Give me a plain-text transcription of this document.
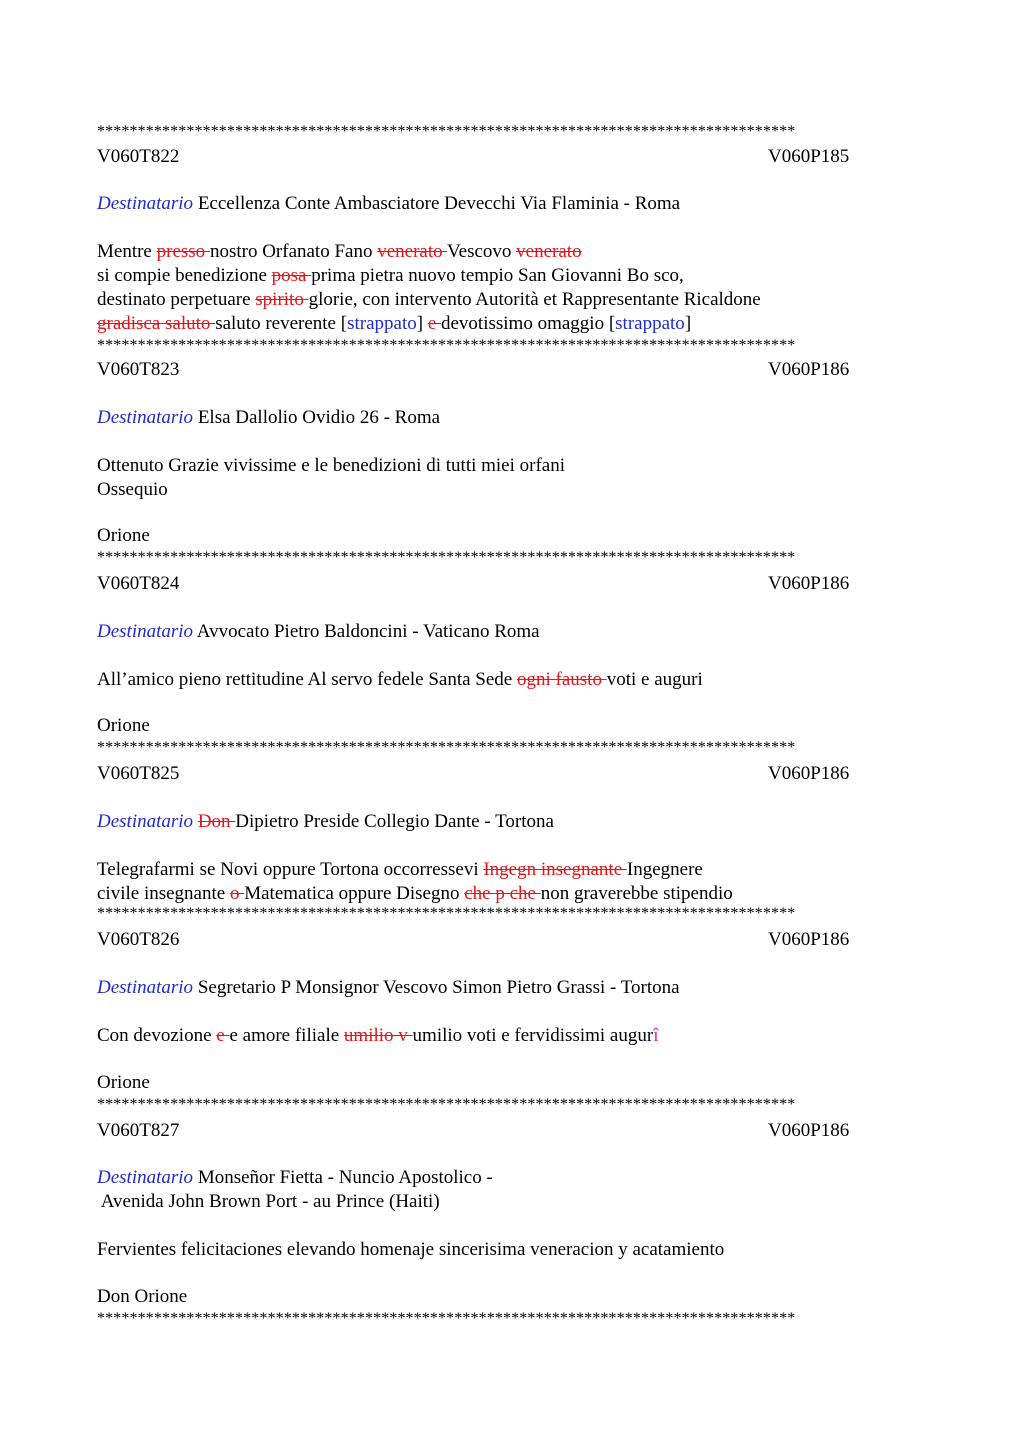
**************************************************************************************
**************************************************************************************
**************************************************************************************
**************************************************************************************
**************************************************************************************
**************************************************************************************
**************************************************************************************
V060T822	V060P185
Destinatario Eccellenza Conte Ambasciatore Devecchi Via Flaminia - Roma
Mentre presso nostro Orfanato Fano venerato Vescovo venerato
si compie benedizione posa prima pietra nuovo tempio San Giovanni Bo sco,
destinato perpetuare spirito glorie, con intervento Autorità et Rappresentante Ricaldone
gradisca saluto saluto reverente [strappato] e devotissimo omaggio [strappato]
V060T823	V060P186
Destinatario Elsa Dallolio Ovidio 26 - Roma
Ottenuto Grazie vivissime e le benedizioni di tutti miei orfani
Ossequio
Orione
V060T824	V060P186
Destinatario Avvocato Pietro Baldoncini - Vaticano Roma
All’amico pieno rettitudine Al servo fedele Santa Sede ogni fausto voti e auguri
Orione
V060T825	V060P186
Destinatario Don Dipietro Preside Collegio Dante - Tortona
Telegrafarmi se Novi oppure Tortona occorressevi Ingegn insegnante Ingegnere
civile insegnante o Matematica oppure Disegno che p che non graverebbe stipendio
V060T826	V060P186
Destinatario Segretario P Monsignor Vescovo Simon Pietro Grassi - Tortona
Con devozione e e amore filiale umilio v umilio voti e fervidissimi augurî
Orione
V060T827	V060P186
Destinatario Monseñor Fietta - Nuncio Apostolico -
Avenida John Brown Port - au Prince (Haiti)
Fervientes felicitaciones elevando homenaje sincerisima veneracion y acatamiento
Don Orione
